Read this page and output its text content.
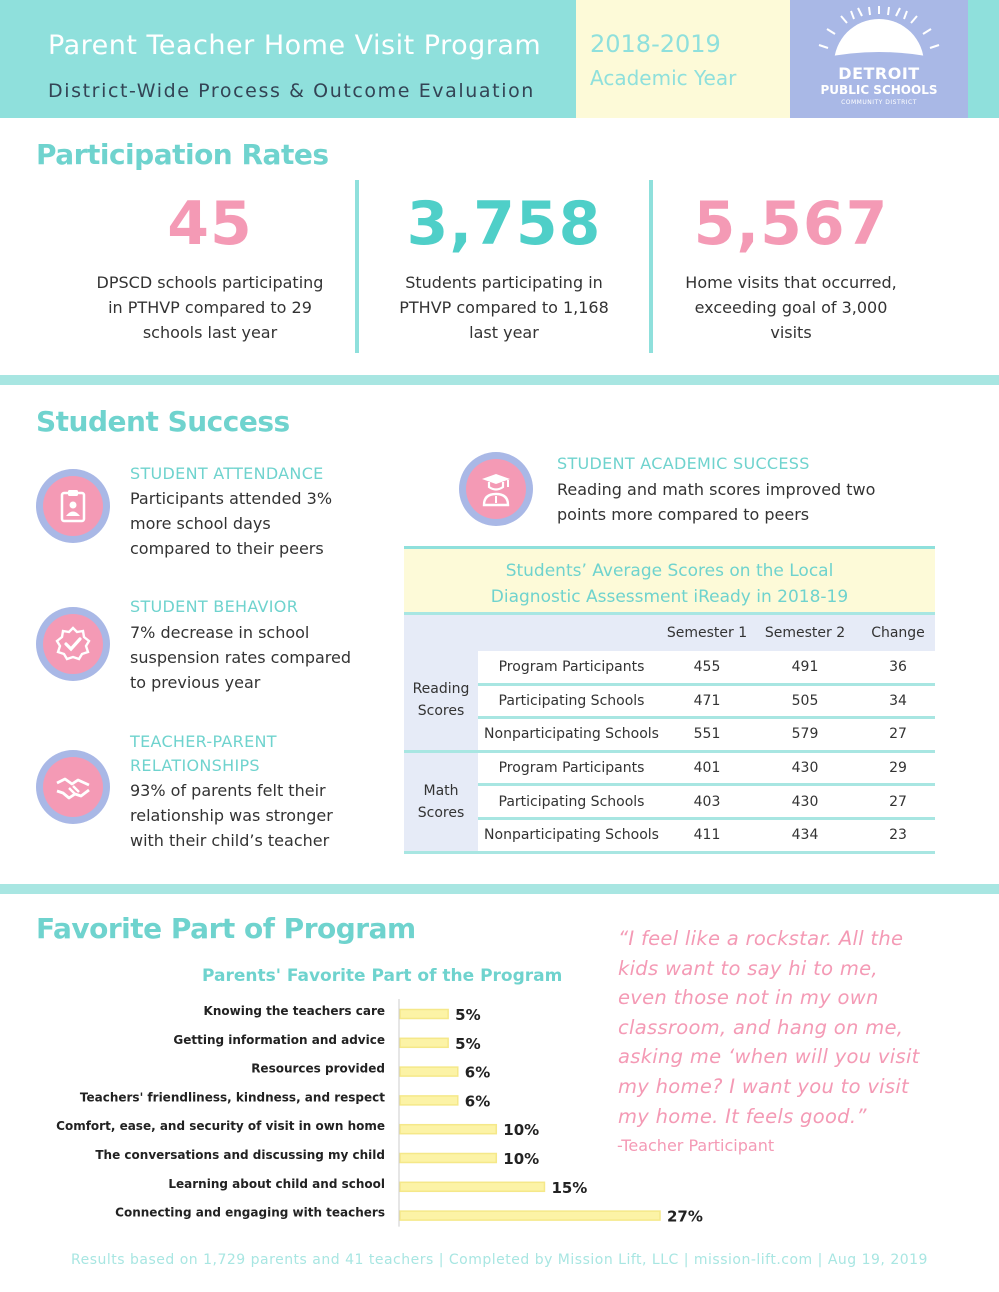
Parent Teacher Home Visit Program
District-Wide Process & Outcome Evaluation
2018-2019
Academic Year	DETROIT
PUBLIC SCHOOLS
COMMUNITY DISTRICT
Participation Rates
45
DPSCD schools participating
in PTHVP compared to 29
schools last year
3,758
Students participating in
PTHVP compared to 1,168
last year
5,567
Home visits that occurred,
exceeding goal of 3,000
visits
Student Success
STUDENT ATTENDANCE
Participants attended 3%
more school days
compared to their peers
STUDENT BEHAVIOR
7% decrease in school
suspension rates compared
to previous year
TEACHER-PARENT
RELATIONSHIPS
93% of parents felt their
relationship was stronger
with their child’s teacher
STUDENT ACADEMIC SUCCESS
Reading and math scores improved two
points more compared to peers
Students’ Average Scores on the Local
Diagnostic Assessment iReady in 2018-19
		Semester 1	Semester 2	Change

Reading
Scores	Program Participants	455	491	36
	Participating Schools	471	505	34
	Nonparticipating Schools	551	579	27

Math
Scores	Program Participants	401	430	29
	Participating Schools	403	430	27
	Nonparticipating Schools	411	434	23
Favorite Part of Program
Parents' Favorite Part of the Program
Knowing the teachers care	5%
Getting information and advice	5%
Resources provided	6%
Teachers' friendliness, kindness, and respect	6%
Comfort, ease, and security of visit in own home	10%
The conversations and discussing my child	10%
Learning about child and school	15%
Connecting and engaging with teachers	27%
“I feel like a rockstar. All the
kids want to say hi to me,
even those not in my own
classroom, and hang on me,
asking me ‘when will you visit
my home? I want you to visit
my home. It feels good.”
-Teacher Participant
Results based on 1,729 parents and 41 teachers | Completed by Mission Lift, LLC | mission-lift.com | Aug 19, 2019
